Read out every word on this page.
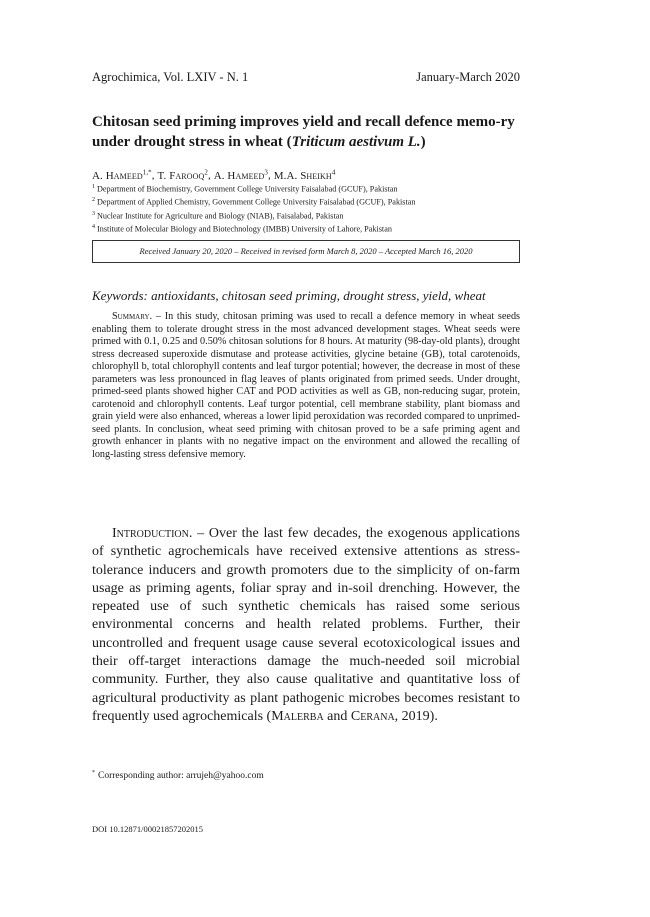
Agrochimica, Vol. LXIV - N. 1	January-March 2020
Chitosan seed priming improves yield and recall defence memo-ry under drought stress in wheat (Triticum aestivum L.)
A. Hameed$^{1,*}$, T. Farooq$^2$, A. Hameed$^3$, M.A. Sheikh$^4$
$^1$ Department of Biochemistry, Government College University Faisalabad (GCUF), Pakistan
$^2$ Department of Applied Chemistry, Government College University Faisalabad (GCUF), Pakistan
$^3$ Nuclear Institute for Agriculture and Biology (NIAB), Faisalabad, Pakistan
$^4$ Institute of Molecular Biology and Biotechnology (IMBB) University of Lahore, Pakistan
Received January 20, 2020 – Received in revised form March 8, 2020 – Accepted March 16, 2020
Keywords: antioxidants, chitosan seed priming, drought stress, yield, wheat

Summary. – In this study, chitosan priming was used to recall a defence memory in wheat seeds enabling them to tolerate drought stress in the most advanced development stages. Wheat seeds were primed with 0.1, 0.25 and 0.50% chitosan solutions for 8 hours. At maturity (98-day-old plants), drought stress decreased superoxide dismutase and protease activities, glycine betaine (GB), total carotenoids, chlorophyll b, total chlorophyll contents and leaf turgor potential; however, the decrease in most of these parameters was less pronounced in flag leaves of plants originated from primed seeds. Under drought, primed-seed plants showed higher CAT and POD activities as well as GB, non-reducing sugar, protein, carotenoid and chlorophyll contents. Leaf turgor potential, cell membrane stability, plant biomass and grain yield were also enhanced, whereas a lower lipid peroxidation was recorded compared to unprimed-seed plants. In conclusion, wheat seed priming with chitosan proved to be a safe priming agent and growth enhancer in plants with no negative impact on the environment and allowed the recalling of long-lasting stress defensive memory.

Introduction. – Over the last few decades, the exogenous applications of synthetic agrochemicals have received extensive attentions as stress-tolerance inducers and growth promoters due to the simplicity of on-farm usage as priming agents, foliar spray and in-soil drenching. However, the repeated use of such synthetic chemicals has raised some serious environmental concerns and health related problems. Further, their uncontrolled and frequent usage cause several ecotoxicological issues and their off-target interactions damage the much-needed soil microbial community. Further, they also cause qualitative and quantitative loss of agricultural productivity as plant pathogenic microbes becomes resistant to frequently used agrochemicals (Malerba and Cerana, 2019).

* Corresponding author: arrujeh@yahoo.com
DOI 10.12871/00021857202015
